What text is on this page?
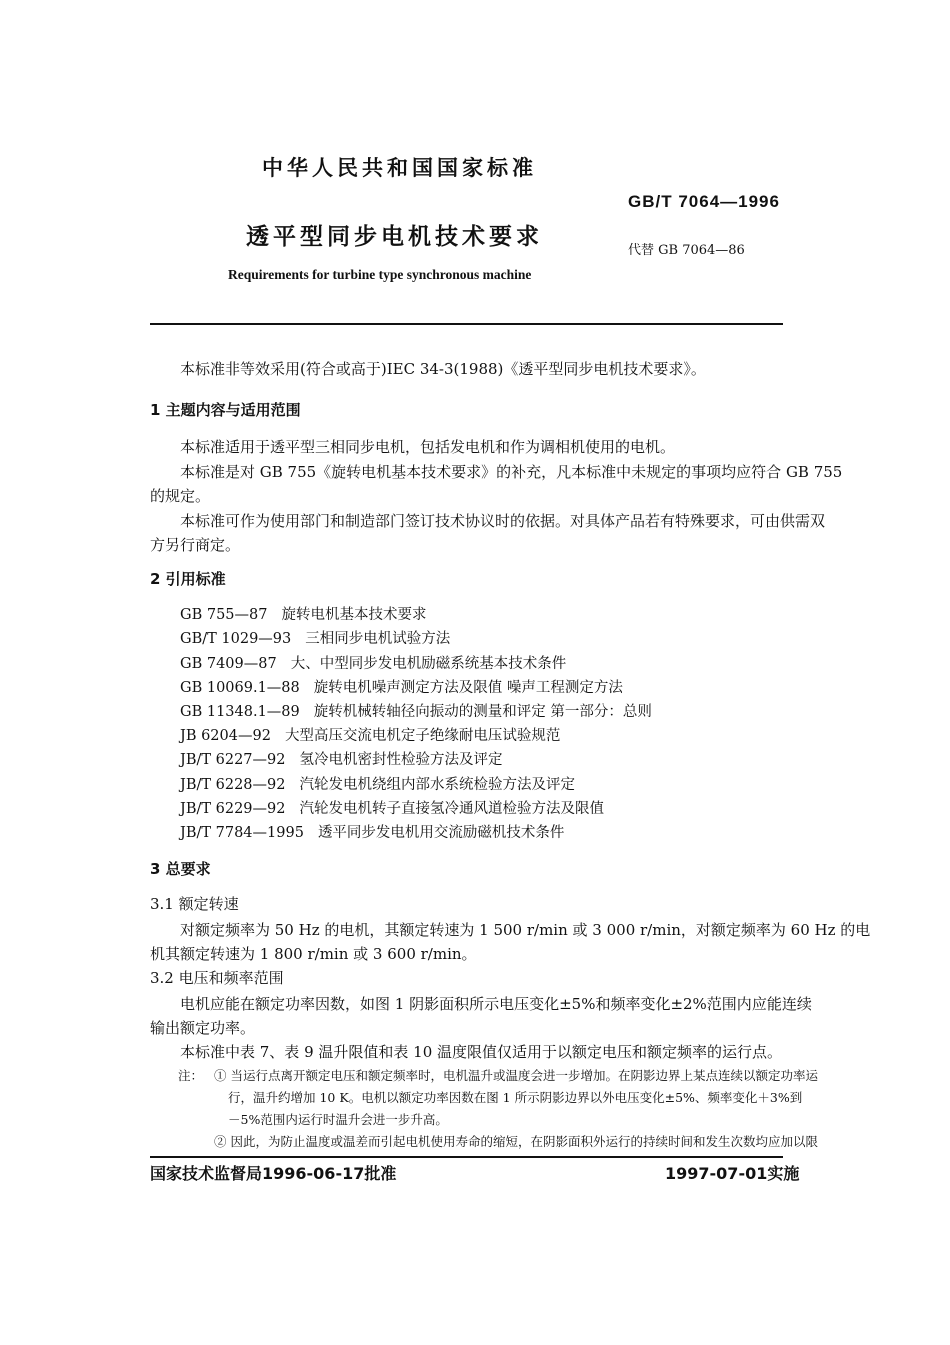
中华人民共和国国家标准
GB/T 7064—1996
透平型同步电机技术要求
代替 GB 7064—86
Requirements for turbine type synchronous machine
本标准非等效采用(符合或高于)IEC 34-3(1988)《透平型同步电机技术要求》。
1 主题内容与适用范围
本标准适用于透平型三相同步电机，包括发电机和作为调相机使用的电机。
本标准是对 GB 755《旋转电机基本技术要求》的补充，凡本标准中未规定的事项均应符合 GB 755
的规定。
本标准可作为使用部门和制造部门签订技术协议时的依据。对具体产品若有特殊要求，可由供需双
方另行商定。
2 引用标准
GB 755—87 旋转电机基本技术要求
GB/T 1029—93 三相同步电机试验方法
GB 7409—87 大、中型同步发电机励磁系统基本技术条件
GB 10069.1—88 旋转电机噪声测定方法及限值 噪声工程测定方法
GB 11348.1—89 旋转机械转轴径向振动的测量和评定 第一部分：总则
JB 6204—92 大型高压交流电机定子绝缘耐电压试验规范
JB/T 6227—92 氢冷电机密封性检验方法及评定
JB/T 6228—92 汽轮发电机绕组内部水系统检验方法及评定
JB/T 6229—92 汽轮发电机转子直接氢冷通风道检验方法及限值
JB/T 7784—1995 透平同步发电机用交流励磁机技术条件
3 总要求
3.1 额定转速
对额定频率为 50 Hz 的电机，其额定转速为 1 500 r/min 或 3 000 r/min，对额定频率为 60 Hz 的电
机其额定转速为 1 800 r/min 或 3 600 r/min。
3.2 电压和频率范围
电机应能在额定功率因数，如图 1 阴影面积所示电压变化±5%和频率变化±2%范围内应能连续
输出额定功率。
本标准中表 7、表 9 温升限值和表 10 温度限值仅适用于以额定电压和额定频率的运行点。
注： ① 当运行点离开额定电压和额定频率时，电机温升或温度会进一步增加。在阴影边界上某点连续以额定功率运
行，温升约增加 10 K。电机以额定功率因数在图 1 所示阴影边界以外电压变化±5%、频率变化＋3%到
－5%范围内运行时温升会进一步升高。
② 因此，为防止温度或温差而引起电机使用寿命的缩短，在阴影面积外运行的持续时间和发生次数均应加以限
国家技术监督局1996-06-17批准	1997-07-01实施
